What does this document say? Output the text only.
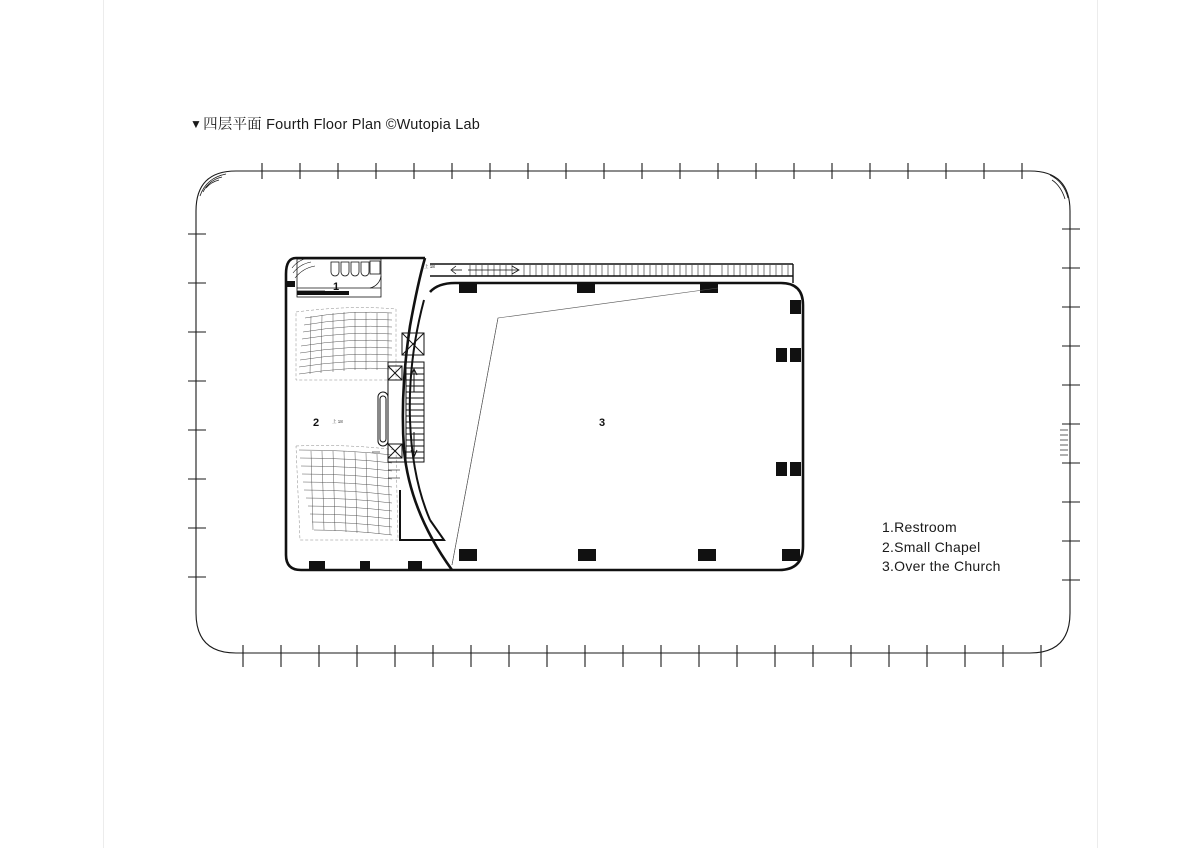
▼四层平面 Fourth Floor Plan ©Wutopia Lab
1.Restroom
2.Small Chapel
3.Over the Church
上 18
1
2	上 18	3
